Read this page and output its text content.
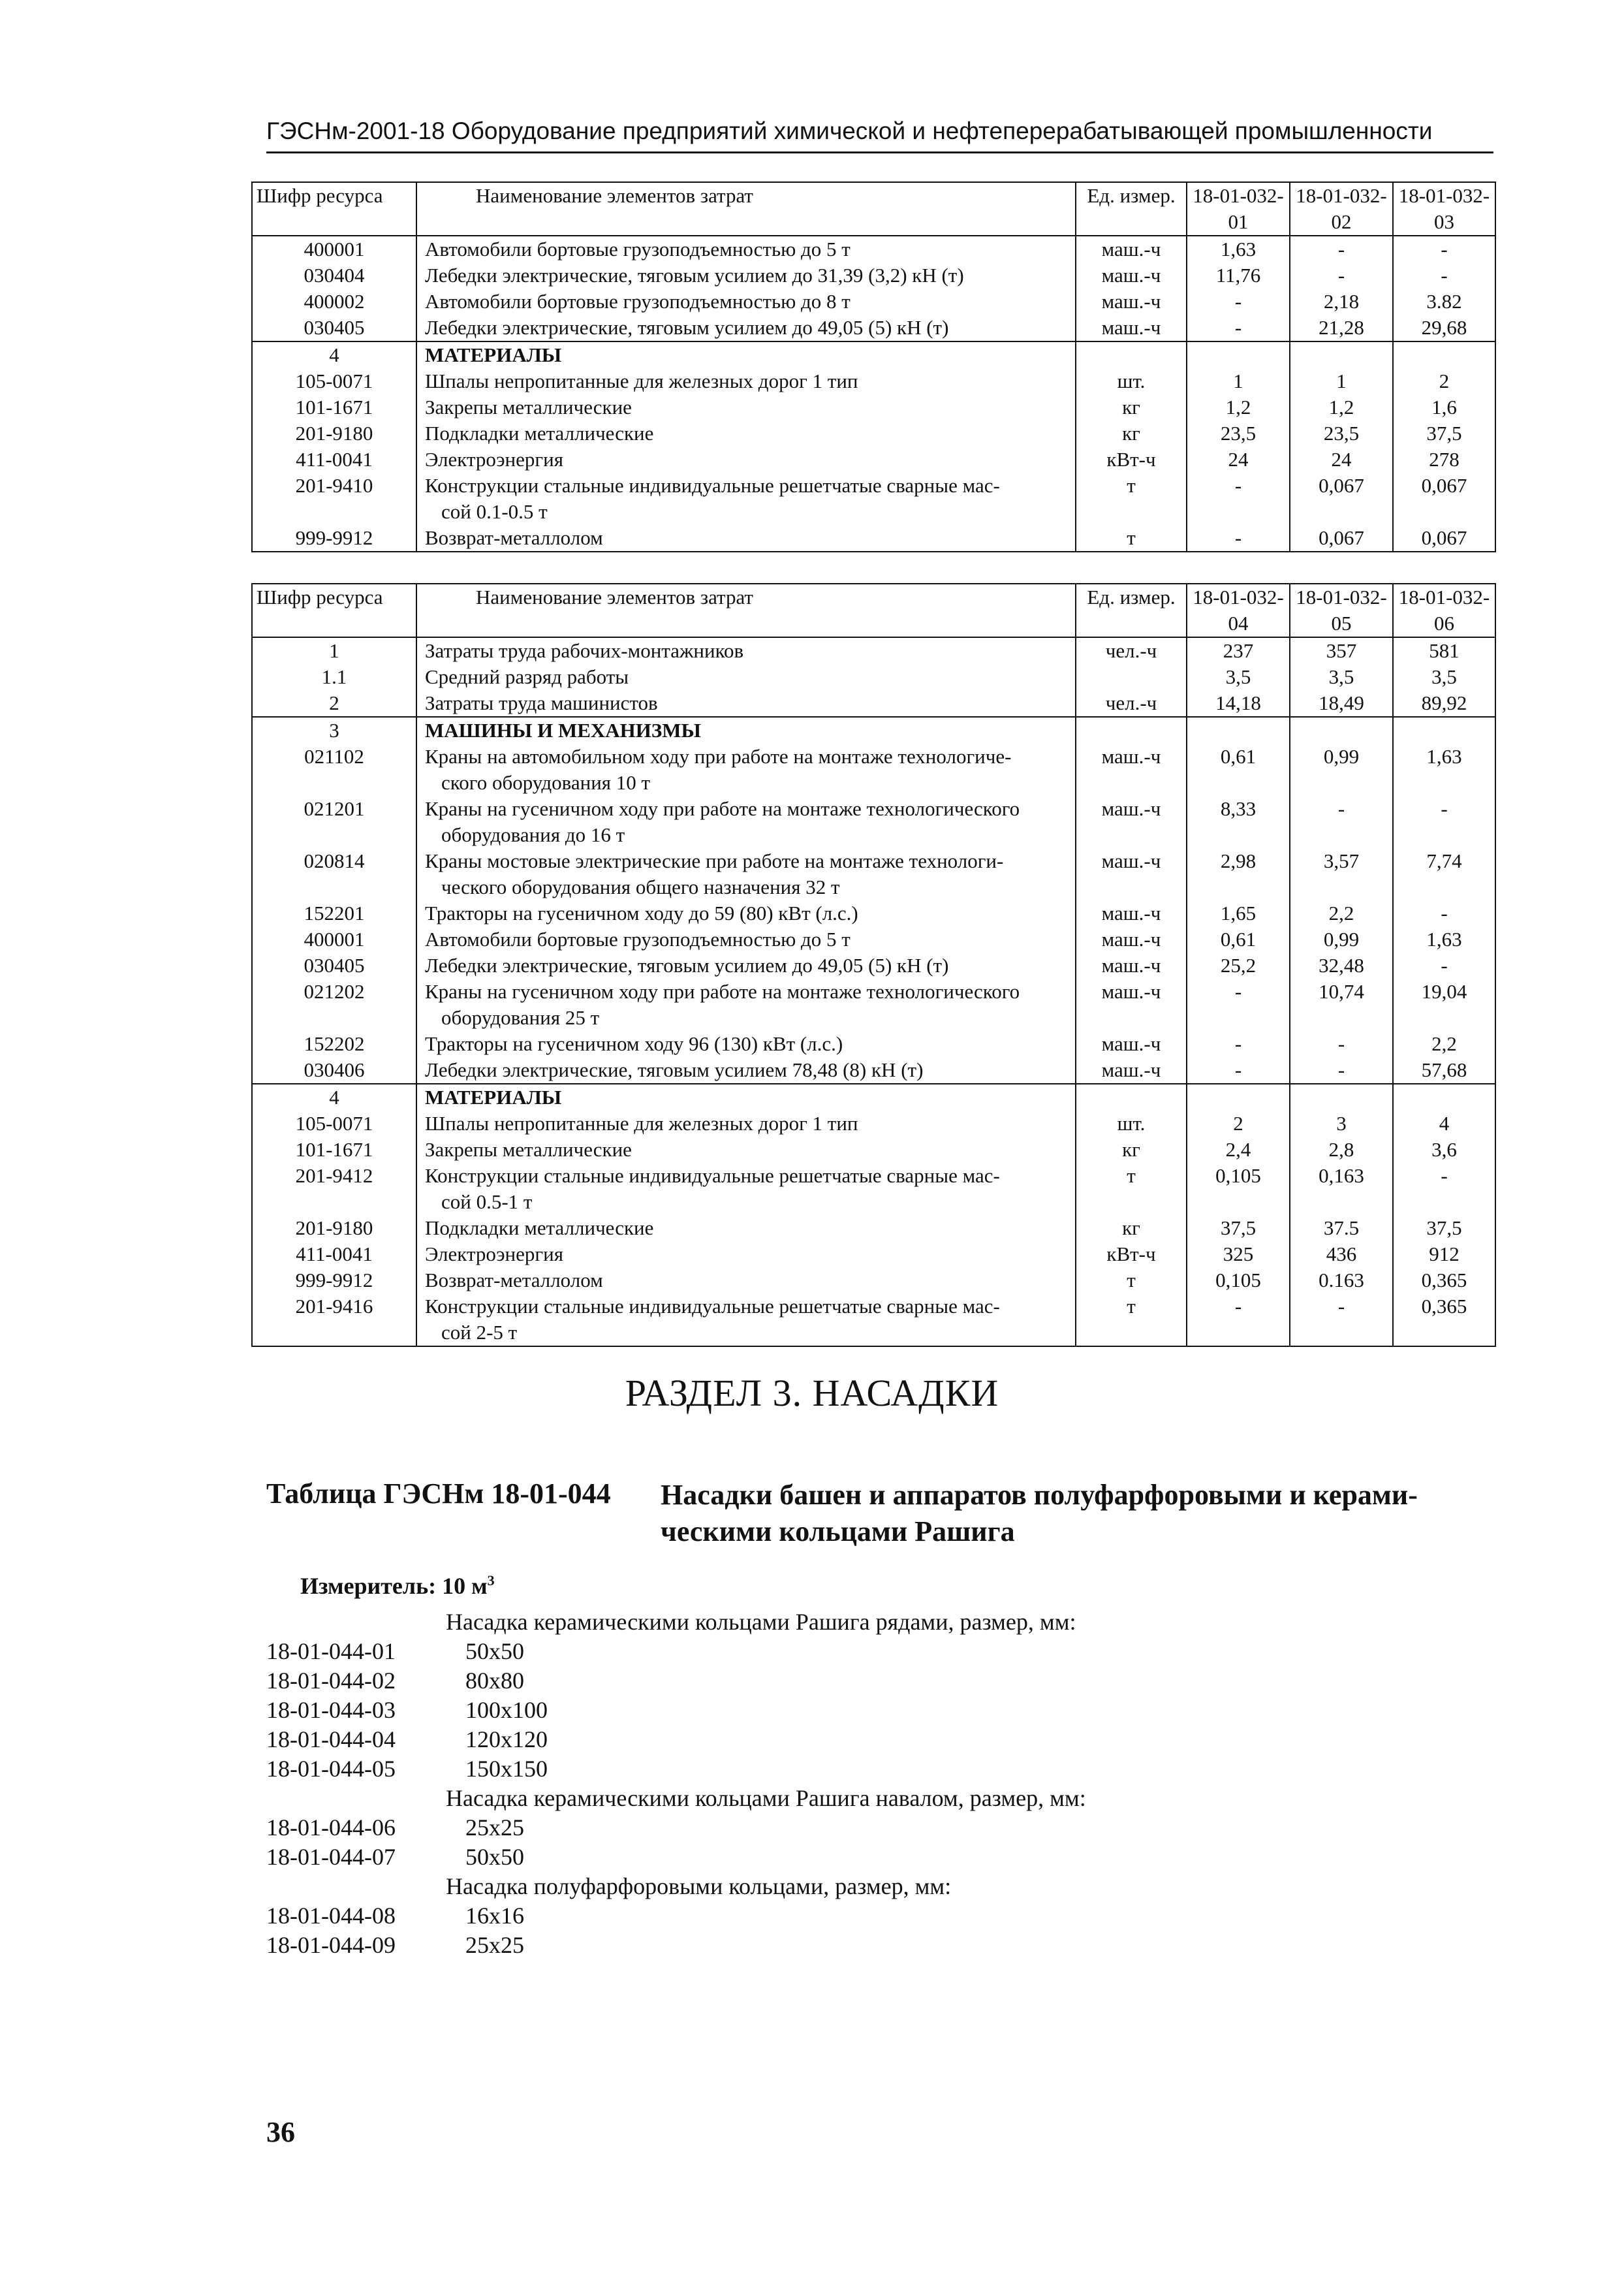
ГЭСНм-2001-18 Оборудование предприятий химической и нефтеперерабатывающей промышленности
Шифр ресурса	Наименование элементов затрат	Ед. измер.	18-01-032-01	18-01-032-02	18-01-032-03
400001	Автомобили бортовые грузоподъемностью до 5 т	маш.-ч	1,63	-	-
030404	Лебедки электрические, тяговым усилием до 31,39 (3,2) кН (т)	маш.-ч	11,76	-	-
400002	Автомобили бортовые грузоподъемностью до 8 т	маш.-ч	-	2,18	3.82
030405	Лебедки электрические, тяговым усилием до 49,05 (5) кН (т)	маш.-ч	-	21,28	29,68
4	МАТЕРИАЛЫ				

105-0071	Шпалы непропитанные для железных дорог 1 тип	шт.	1	1	2
101-1671	Закрепы металлические	кг	1,2	1,2	1,6
201-9180	Подкладки металлические	кг	23,5	23,5	37,5
411-0041	Электроэнергия	кВт-ч	24	24	278
201-9410	Конструкции стальные индивидуальные решетчатые сварные мас-
сой 0.1-0.5 т	т	-	0,067	0,067
999-9912	Возврат-металлолом	т	-	0,067	0,067
Шифр ресурса	Наименование элементов затрат	Ед. измер.	18-01-032-04	18-01-032-05	18-01-032-06
1	Затраты труда рабочих-монтажников	чел.-ч	237	357	581
1.1	Средний разряд работы		3,5	3,5	3,5
2	Затраты труда машинистов	чел.-ч	14,18	18,49	89,92
3	МАШИНЫ И МЕХАНИЗМЫ				

021102	Краны на автомобильном ходу при работе на монтаже технологиче-
ского оборудования 10 т	маш.-ч	0,61	0,99	1,63
021201	Краны на гусеничном ходу при работе на монтаже технологического
оборудования до 16 т	маш.-ч	8,33	-	-
020814	Краны мостовые электрические при работе на монтаже технологи-
ческого оборудования общего назначения 32 т	маш.-ч	2,98	3,57	7,74
152201	Тракторы на гусеничном ходу до 59 (80) кВт (л.с.)	маш.-ч	1,65	2,2	-
400001	Автомобили бортовые грузоподъемностью до 5 т	маш.-ч	0,61	0,99	1,63
030405	Лебедки электрические, тяговым усилием до 49,05 (5) кН (т)	маш.-ч	25,2	32,48	-
021202	Краны на гусеничном ходу при работе на монтаже технологического
оборудования 25 т	маш.-ч	-	10,74	19,04
152202	Тракторы на гусеничном ходу 96 (130) кВт (л.с.)	маш.-ч	-	-	2,2
030406	Лебедки электрические, тяговым усилием 78,48 (8) кН (т)	маш.-ч	-	-	57,68
4	МАТЕРИАЛЫ				

105-0071	Шпалы непропитанные для железных дорог 1 тип	шт.	2	3	4
101-1671	Закрепы металлические	кг	2,4	2,8	3,6
201-9412	Конструкции стальные индивидуальные решетчатые сварные мас-
сой 0.5-1 т	т	0,105	0,163	-
201-9180	Подкладки металлические	кг	37,5	37.5	37,5
411-0041	Электроэнергия	кВт-ч	325	436	912
999-9912	Возврат-металлолом	т	0,105	0.163	0,365
201-9416	Конструкции стальные индивидуальные решетчатые сварные мас-
сой 2-5 т	т	-	-	0,365
РАЗДЕЛ 3. НАСАДКИ
Таблица ГЭСНм 18-01-044 Насадки башен и аппаратов полуфарфоровыми и керами-
ческими кольцами Рашига
Измеритель: 10 $м^3$
Насадка керамическими кольцами Рашига рядами, размер, мм:
18-01-044-01	50х50
18-01-044-02	80х80
18-01-044-03	100х100
18-01-044-04	120х120
18-01-044-05	150х150
Насадка керамическими кольцами Рашига навалом, размер, мм:
18-01-044-06	25х25
18-01-044-07	50х50
Насадка полуфарфоровыми кольцами, размер, мм:
18-01-044-08	16х16
18-01-044-09	25х25
36
